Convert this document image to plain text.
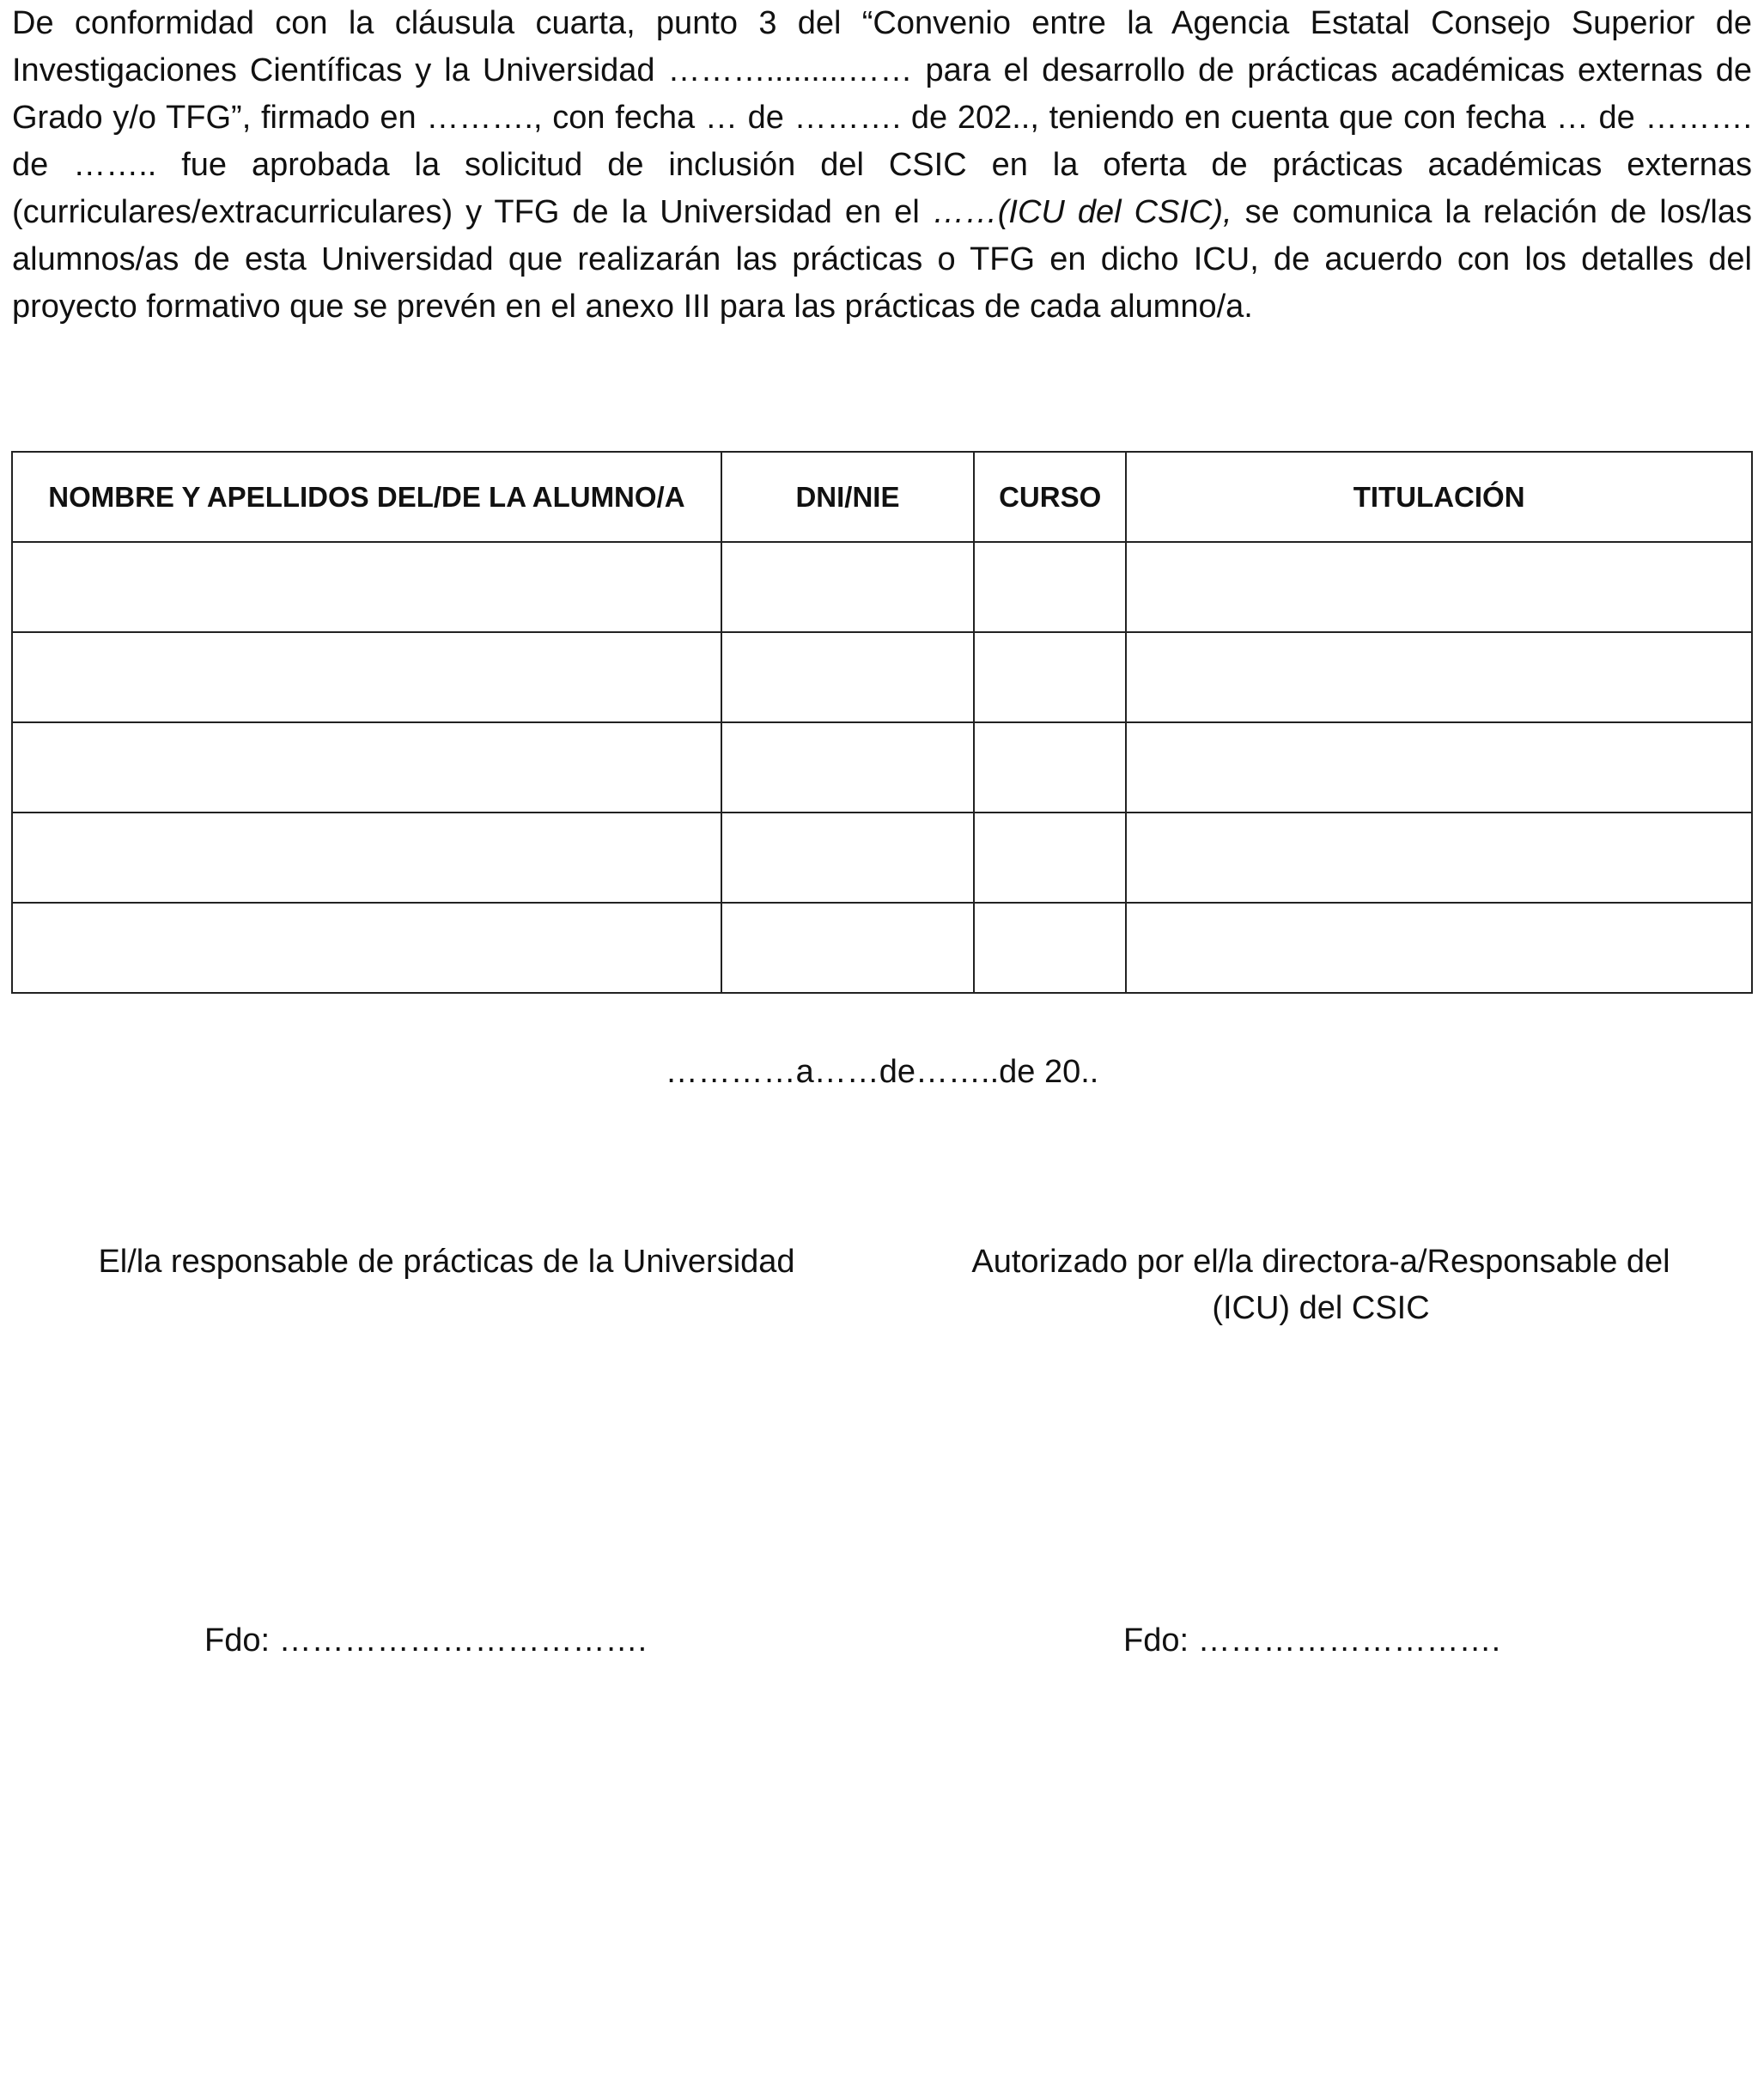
De conformidad con la cláusula cuarta, punto 3 del “Convenio entre la Agencia Estatal Consejo Superior de Investigaciones Científicas y la Universidad ……….........…… para el desarrollo de prácticas académicas externas de Grado y/o TFG”, firmado en ………., con fecha … de ………. de 202.., teniendo en cuenta que con fecha … de ………. de …….. fue aprobada la solicitud de inclusión del CSIC en la oferta de prácticas académicas externas (curriculares/extracurriculares) y TFG de la Universidad en el ……(ICU del CSIC), se comunica la relación de los/las alumnos/as de esta Universidad que realizarán las prácticas o TFG en dicho ICU, de acuerdo con los detalles del proyecto formativo que se prevén en el anexo III para las prácticas de cada alumno/a.

NOMBRE Y APELLIDOS DEL/DE LA ALUMNO/A	DNI/NIE	CURSO	TITULACIÓN

…………a……de……..de 20..
El/la responsable de prácticas de la Universidad	Autorizado por el/la directora-a/Responsable del
(ICU) del CSIC
Fdo: …………………………….	Fdo: ……………………….
